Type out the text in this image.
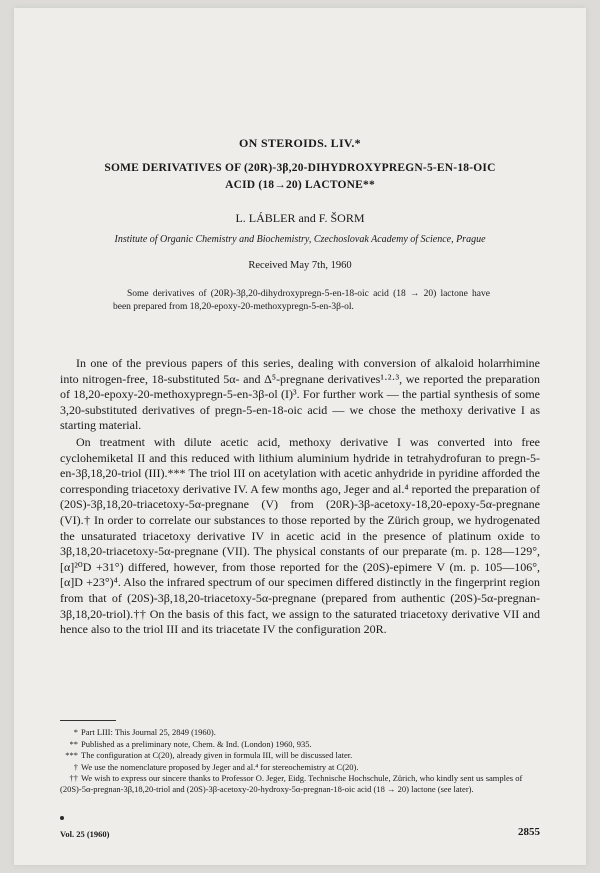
ON STEROIDS. LIV.*
SOME DERIVATIVES OF (20R)-3β,20-DIHYDROXYPREGN-5-EN-18-OIC
ACID (18→20) LACTONE**
L. LÁBLER and F. ŠORM
Institute of Organic Chemistry and Biochemistry, Czechoslovak Academy of Science, Prague
Received May 7th, 1960

Some derivatives of (20R)-3β,20-dihydroxypregn-5-en-18-oic acid (18 → 20) lactone have been prepared from 18,20-epoxy-20-methoxypregn-5-en-3β-ol.

In one of the previous papers of this series, dealing with conversion of alkaloid holarrhimine into nitrogen-free, 18-substituted 5α- and Δ⁵-pregnane derivatives¹·²·³, we reported the preparation of 18,20-epoxy-20-methoxypregn-5-en-3β-ol (I)³. For further work — the partial synthesis of some 3,20-substituted derivatives of pregn-5-en-18-oic acid — we chose the methoxy derivative I as starting material.

On treatment with dilute acetic acid, methoxy derivative I was converted into free cyclohemiketal II and this reduced with lithium aluminium hydride in tetrahydrofuran to pregn-5-en-3β,18,20-triol (III).*** The triol III on acetylation with acetic anhydride in pyridine afforded the corresponding triacetoxy derivative IV. A few months ago, Jeger and al.⁴ reported the preparation of (20S)-3β,18,20-triacetoxy-5α-pregnane (V) from (20R)-3β-acetoxy-18,20-epoxy-5α-pregnane (VI).† In order to correlate our substances to those reported by the Zürich group, we hydrogenated the unsaturated triacetoxy derivative IV in acetic acid in the presence of platinum oxide to 3β,18,20-triacetoxy-5α-pregnane (VII). The physical constants of our preparate (m. p. 128—129°, [α]²⁰D +31°) differed, however, from those reported for the (20S)-epimere V (m. p. 105—106°, [α]D +23°)⁴. Also the infrared spectrum of our specimen differed distinctly in the fingerprint region from that of (20S)-3β,18,20-triacetoxy-5α-pregnane (prepared from authentic (20S)-5α-pregnan-3β,18,20-triol).†† On the basis of this fact, we assign to the saturated triacetoxy derivative VII and hence also to the triol III and its triacetate IV the configuration 20R.

* Part LIII: This Journal 25, 2849 (1960).
** Published as a preliminary note, Chem. & Ind. (London) 1960, 935.
*** The configuration at C(20), already given in formula III, will be discussed later.
† We use the nomenclature proposed by Jeger and al.⁴ for stereochemistry at C(20).
†† We wish to express our sincere thanks to Professor O. Jeger, Eidg. Technische Hochschule, Zürich, who kindly sent us samples of (20S)-5α-pregnan-3β,18,20-triol and (20S)-3β-acetoxy-20-hydroxy-5α-pregnan-18-oic acid (18 → 20) lactone (see later).
Vol. 25 (1960)	2855
